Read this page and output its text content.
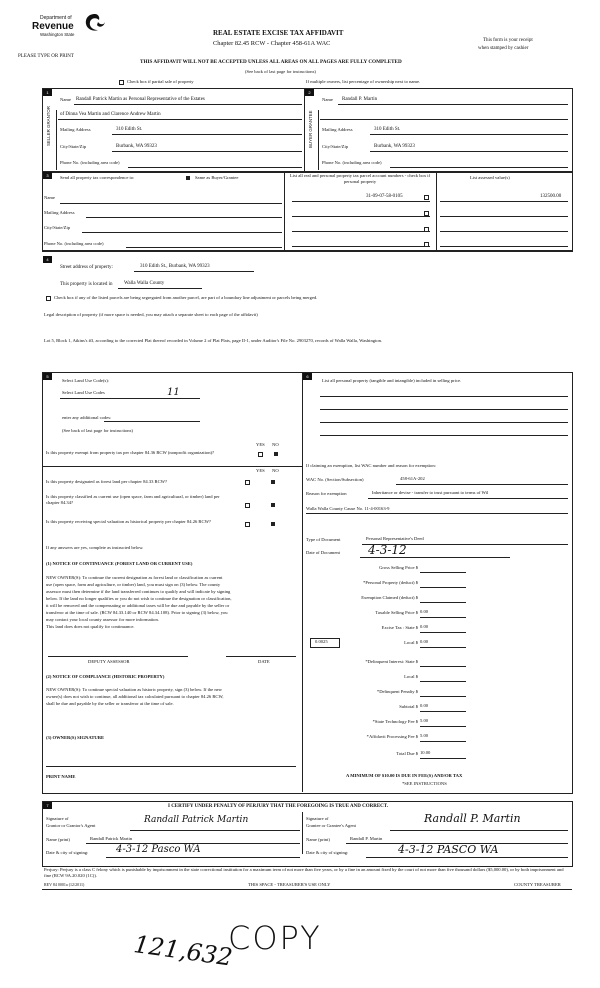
Department of
Revenue
Washington State	REAL ESTATE EXCISE TAX AFFIDAVIT
Chapter 82.45 RCW - Chapter 458-61A WAC	This form is your receipt
when stamped by cashier
PLEASE TYPE OR PRINT
THIS AFFIDAVIT WILL NOT BE ACCEPTED UNLESS ALL AREAS ON ALL PAGES ARE FULLY COMPLETED
(See back of last page for instructions)
Check box if partial sale of property	If multiple owners, list percentage of ownership next to name.
1	2
SELLER GRANTOR	BUYER GRANTEE
Name Randall Patrick Martin as Personal Representative of the Estates
of Dinna Vea Martin and Clarence Andrew Martin
Mailing Address	310 Edith St.
City/State/Zip	Burbank, WA 99323
Phone No. (including area code)
Name Randall P. Martin
Mailing Address	310 Edith St.
City/State/Zip	Burbank, WA 99323
Phone No. (including area code)
3	Send all property tax correspondence to:	Same as Buyer/Grantee	List all real and personal property tax parcel account numbers - check box if personal property
List assessed value(s)
Name	31-09-07-58-0105	132500.00
Mailing Address
City/State/Zip
Phone No. (including area code)
4
Street address of property:	310 Edith St., Burbank, WA 99323
This property is located in Walla Walla County
Check box if any of the listed parcels are being segregated from another parcel, are part of a boundary line adjustment or parcels being merged.
Legal description of property (if more space is needed, you may attach a separate sheet to each page of the affidavit)
Lot 5, Block 1, Atkins's #3, according to the corrected Plat thereof recorded in Volume 2 of Plat Plats, page II-1, under Auditor's File No. 2903270, records of Walla Walla, Washington.
5	6
Select Land Use Code(s):
Select Land Use Codes	11
enter any additional codes:
(See back of last page for instructions)
YES NO
Is this property exempt from property tax per chapter 84.36 RCW (nonprofit organization)?
YES NO
Is this property designated as forest land per chapter 84.33 RCW?
Is this property classified as current use (open space, farm and agricultural, or timber) land per chapter 84.34?
Is this property receiving special valuation as historical property per chapter 84.26 RCW?
If any answers are yes, complete as instructed below.
(1) NOTICE OF CONTINUANCE (FOREST LAND OR CURRENT USE)
NEW OWNER(S): To continue the current designation as forest land or classification as current
use (open space, farm and agriculture, or timber) land, you must sign on (3) below. The county
assessor must then determine if the land transferred continues to qualify and will indicate by signing
below. If the land no longer qualifies or you do not wish to continue the designation or classification,
it will be removed and the compensating or additional taxes will be due and payable by the seller or
transferor at the time of sale. (RCW 84.33.140 or RCW 84.34.108). Prior to signing (3) below, you
may contact your local county assessor for more information.
This land does does not qualify for continuance.
DEPUTY ASSESSOR	DATE
(2) NOTICE OF COMPLIANCE (HISTORIC PROPERTY)
NEW OWNER(S): To continue special valuation as historic property, sign (3) below. If the new
owner(s) does not wish to continue, all additional tax calculated pursuant to chapter 84.26 RCW,
shall be due and payable by the seller or transferor at the time of sale.
(3) OWNER(S) SIGNATURE
PRINT NAME
List all personal property (tangible and intangible) included in selling price.
If claiming an exemption, list WAC number and reason for exemption:
WAC No. (Section/Subsection)	458-61A-202
Reason for exemption	Inheritance or devise - transfer to trust pursuant to terms of Wil
Walla Walla County Cause No. 11-4-00163-9
Type of Document	Personal Representative's Deed
Date of Document 4-3-12
Gross Selling Price $
*Personal Property (deduct) $
Exemption Claimed (deduct) $
Taxable Selling Price $ 0.00
Excise Tax : State $ 0.00
0.0025	Local $ 0.00
*Delinquent Interest: State $
Local $
*Delinquent Penalty $
Subtotal $ 0.00
*State Technology Fee $ 5.00
*Affidavit Processing Fee $ 5.00
Total Due $ 10.00
A MINIMUM OF $10.00 IS DUE IN FEE(S) AND/OR TAX
*SEE INSTRUCTIONS
7	I CERTIFY UNDER PENALTY OF PERJURY THAT THE FOREGOING IS TRUE AND CORRECT.
Signature of
Grantor or Grantor's Agent
Randall Patrick Martin
Name (print)	Randall Patrick Martin
Date & city of signing:	4-3-12 Pasco WA
Signature of
Grantee or Grantee's Agent
Randall P. Martin
Name (print)	Randall P. Martin
Date & city of signing:	4-3-12 PASCO WA
Perjury: Perjury is a class C felony which is punishable by imprisonment in the state correctional institution for a maximum term of not more than five years, or by a fine in an amount fixed by the court of not more than five thousand dollars ($5,000.00), or by both imprisonment and fine (RCW 9A.20.020 (1C)).
REV 84 0001a (12/2011)	THIS SPACE - TREASURER'S USE ONLY	COUNTY TREASURER
121,632
COPY
